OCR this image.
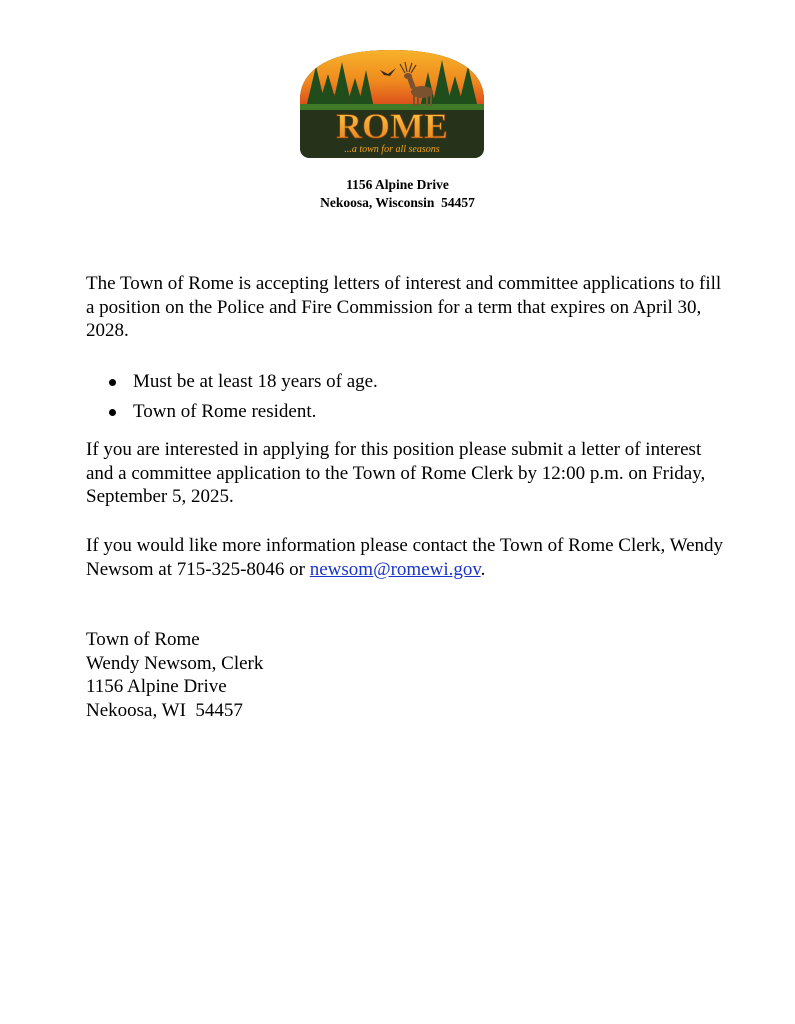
Town of
ROME
...a town for all seasons
1156 Alpine Drive
Nekoosa, Wisconsin  54457
The Town of Rome is accepting letters of interest and committee applications to fill a position on the Police and Fire Commission for a term that expires on April 30, 2028.
Must be at least 18 years of age.
Town of Rome resident.
If you are interested in applying for this position please submit a letter of interest and a committee application to the Town of Rome Clerk by 12:00 p.m. on Friday, September 5, 2025.
If you would like more information please contact the Town of Rome Clerk, Wendy Newsom at 715-325-8046 or newsom@romewi.gov.
Town of Rome
Wendy Newsom, Clerk
1156 Alpine Drive
Nekoosa, WI  54457
